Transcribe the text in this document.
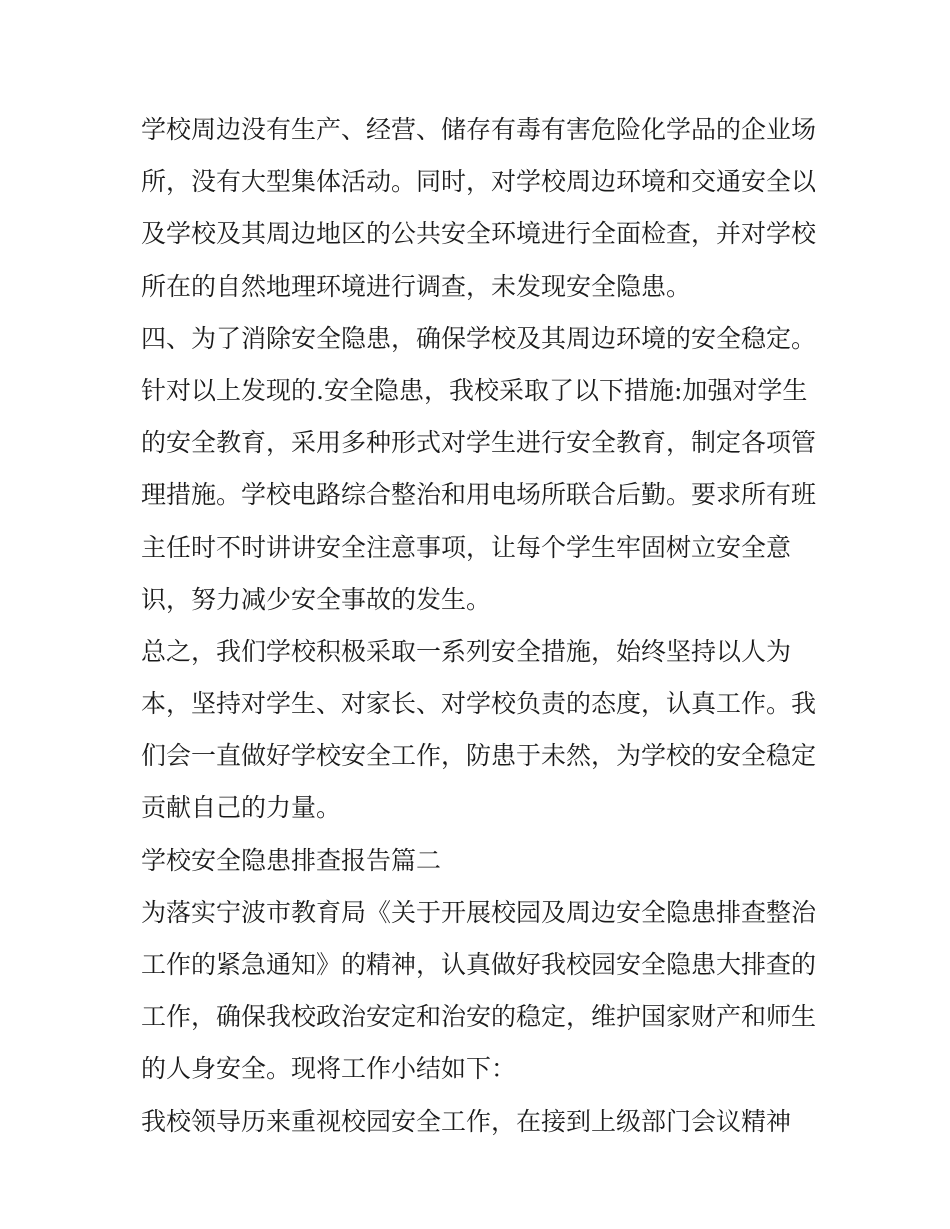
学校周边没有生产、经营、储存有毒有害危险化学品的企业场
所，没有大型集体活动。同时，对学校周边环境和交通安全以
及学校及其周边地区的公共安全环境进行全面检查，并对学校
所在的自然地理环境进行调查，未发现安全隐患。
四、为了消除安全隐患，确保学校及其周边环境的安全稳定。
针对以上发现的.安全隐患，我校采取了以下措施:加强对学生
的安全教育，采用多种形式对学生进行安全教育，制定各项管
理措施。学校电路综合整治和用电场所联合后勤。要求所有班
主任时不时讲讲安全注意事项，让每个学生牢固树立安全意
识，努力减少安全事故的发生。
总之，我们学校积极采取一系列安全措施，始终坚持以人为
本，坚持对学生、对家长、对学校负责的态度，认真工作。我
们会一直做好学校安全工作，防患于未然，为学校的安全稳定
贡献自己的力量。
学校安全隐患排查报告篇二
为落实宁波市教育局《关于开展校园及周边安全隐患排查整治
工作的紧急通知》的精神，认真做好我校园安全隐患大排查的
工作，确保我校政治安定和治安的稳定，维护国家财产和师生
的人身安全。现将工作小结如下：
我校领导历来重视校园安全工作，在接到上级部门会议精神
